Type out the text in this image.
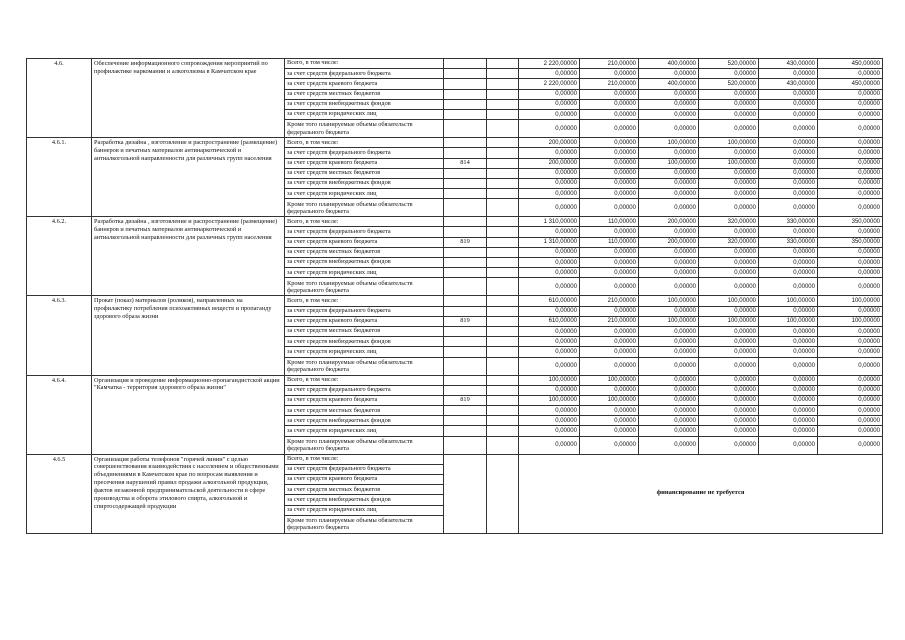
4.6.	Обеспечение информационного сопровождения мероприятий по профилактике наркомании и алкоголизма в Камчатском крае	Всего, в том числе:			2 220,00000	210,00000	400,00000	520,00000	430,00000	450,00000
		за счет средств федерального бюджета			0,00000	0,00000	0,00000	0,00000	0,00000	0,00000
		за счет средств краевого бюджета			2 220,00000	210,00000	400,00000	520,00000	430,00000	450,00000
		за счет средств местных бюджетов			0,00000	0,00000	0,00000	0,00000	0,00000	0,00000
		за счет средств внебюджетных фондов			0,00000	0,00000	0,00000	0,00000	0,00000	0,00000
		за счет средств юридических лиц			0,00000	0,00000	0,00000	0,00000	0,00000	0,00000
		Кроме того планируемые объемы обязательств федерального бюджета			0,00000	0,00000	0,00000	0,00000	0,00000	0,00000
4.6.1.	Разработка дизайна , изготовление и распространение (размещение) баннеров и печатных материалов антинаркотической и антиалкогольной направленности для различных групп населения	Всего, в том числе:			200,00000	0,00000	100,00000	100,00000	0,00000	0,00000
		за счет средств федерального бюджета			0,00000	0,00000	0,00000	0,00000	0,00000	0,00000
		за счет средств краевого бюджета	814		200,00000	0,00000	100,00000	100,00000	0,00000	0,00000
		за счет средств местных бюджетов			0,00000	0,00000	0,00000	0,00000	0,00000	0,00000
		за счет средств внебюджетных фондов			0,00000	0,00000	0,00000	0,00000	0,00000	0,00000
		за счет средств юридических лиц			0,00000	0,00000	0,00000	0,00000	0,00000	0,00000
		Кроме того планируемые объемы обязательств федерального бюджета			0,00000	0,00000	0,00000	0,00000	0,00000	0,00000
4.6.2.	Разработка дизайна , изготовление и распространение (размещение) баннеров и печатных материалов антинаркотической и антиалкогольной направленности для различных групп населения	Всего, в том числе:			1 310,00000	110,00000	200,00000	320,00000	330,00000	350,00000
		за счет средств федерального бюджета			0,00000	0,00000	0,00000	0,00000	0,00000	0,00000
		за счет средств краевого бюджета	819		1 310,00000	110,00000	200,00000	320,00000	330,00000	350,00000
		за счет средств местных бюджетов			0,00000	0,00000	0,00000	0,00000	0,00000	0,00000
		за счет средств внебюджетных фондов			0,00000	0,00000	0,00000	0,00000	0,00000	0,00000
		за счет средств юридических лиц			0,00000	0,00000	0,00000	0,00000	0,00000	0,00000
		Кроме того планируемые объемы обязательств федерального бюджета			0,00000	0,00000	0,00000	0,00000	0,00000	0,00000
4.6.3.	Прокат (показ) материалов (роликов), направленных на профилактику потребления психоактивных веществ и пропаганду здорового образа жизни	Всего, в том числе:			610,00000	210,00000	100,00000	100,00000	100,00000	100,00000
		за счет средств федерального бюджета			0,00000	0,00000	0,00000	0,00000	0,00000	0,00000
		за счет средств краевого бюджета	819		610,00000	210,00000	100,00000	100,00000	100,00000	100,00000
		за счет средств местных бюджетов			0,00000	0,00000	0,00000	0,00000	0,00000	0,00000
		за счет средств внебюджетных фондов			0,00000	0,00000	0,00000	0,00000	0,00000	0,00000
		за счет средств юридических лиц			0,00000	0,00000	0,00000	0,00000	0,00000	0,00000
		Кроме того планируемые объемы обязательств федерального бюджета			0,00000	0,00000	0,00000	0,00000	0,00000	0,00000
4.6.4.	Организация и проведение информационно-пропагандистской акции "Камчатка - территория здорового образа жизни"	Всего, в том числе:			100,00000	100,00000	0,00000	0,00000	0,00000	0,00000
		за счет средств федерального бюджета			0,00000	0,00000	0,00000	0,00000	0,00000	0,00000
		за счет средств краевого бюджета	819		100,00000	100,00000	0,00000	0,00000	0,00000	0,00000
		за счет средств местных бюджетов			0,00000	0,00000	0,00000	0,00000	0,00000	0,00000
		за счет средств внебюджетных фондов			0,00000	0,00000	0,00000	0,00000	0,00000	0,00000
		за счет средств юридических лиц			0,00000	0,00000	0,00000	0,00000	0,00000	0,00000
		Кроме того планируемые объемы обязательств федерального бюджета			0,00000	0,00000	0,00000	0,00000	0,00000	0,00000
4.6.5	Организация работы телефонов "горячей линии" с целью совершенствования взаимодействия с населением и общественными объединениями в Камчатском крае по вопросам выявления и пресечения нарушений правил продажи алкогольной продукции, фактов незаконной предпринимательской деятельности в сфере производства и оборота этилового спирта, алкогольной и спиртосодержащей продукции	Всего, в том числе:			финансирование не требуется					
		за счет средств федерального бюджета								
		за счет средств краевого бюджета								
		за счет средств местных бюджетов								
		за счет средств внебюджетных фондов								
		за счет средств юридических лиц								
		Кроме того планируемые объемы обязательств федерального бюджета								
